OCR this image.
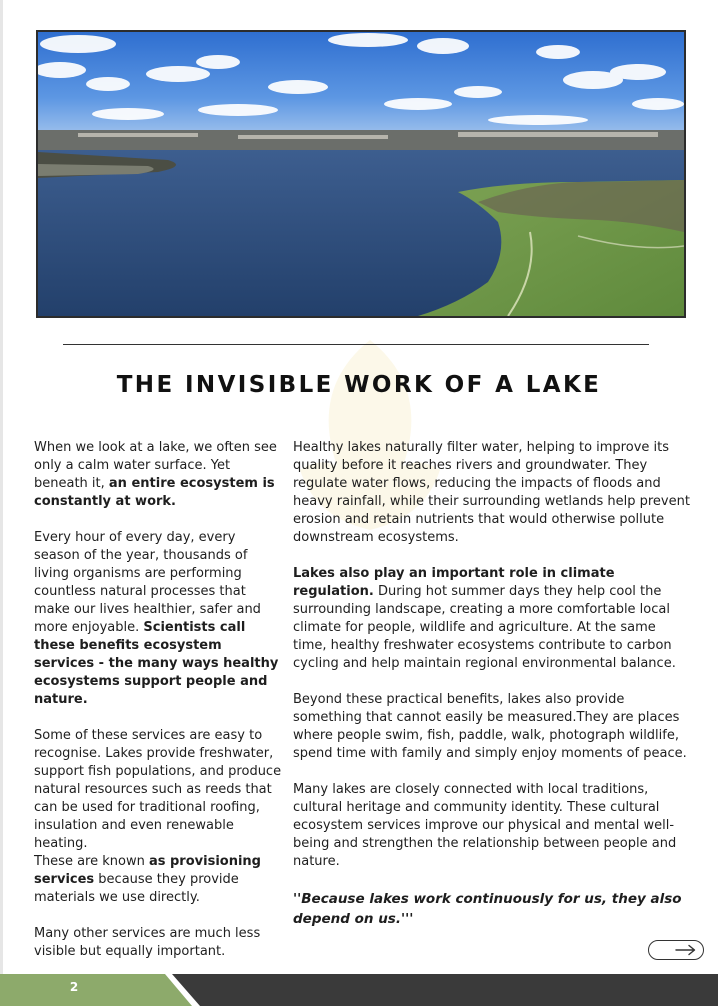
THE INVISIBLE WORK OF A LAKE

When we look at a lake, we often see only a calm water surface. Yet beneath it, an entire ecosystem is constantly at work.

Every hour of every day, every season of the year, thousands of living organisms are performing countless natural processes that make our lives healthier, safer and more enjoyable. Scientists call these benefits ecosystem services - the many ways healthy ecosystems support people and nature.

Some of these services are easy to recognise. Lakes provide freshwater, support fish populations, and produce natural resources such as reeds that can be used for traditional roofing, insulation and even renewable heating.
These are known as provisioning services because they provide materials we use directly.

Many other services are much less visible but equally important.

Healthy lakes naturally filter water, helping to improve its quality before it reaches rivers and groundwater. They regulate water flows, reducing the impacts of floods and heavy rainfall, while their surrounding wetlands help prevent erosion and retain nutrients that would otherwise pollute downstream ecosystems.

Lakes also play an important role in climate regulation. During hot summer days they help cool the surrounding landscape, creating a more comfortable local climate for people, wildlife and agriculture. At the same time, healthy freshwater ecosystems contribute to carbon cycling and help maintain regional environmental balance.

Beyond these practical benefits, lakes also provide something that cannot easily be measured.They are places where people swim, fish, paddle, walk, photograph wildlife, spend time with family and simply enjoy moments of peace.

Many lakes are closely connected with local traditions, cultural heritage and community identity. These cultural ecosystem services improve our physical and mental well-being and strengthen the relationship between people and nature.

''Because lakes work continuously for us, they also depend on us.'''

2
